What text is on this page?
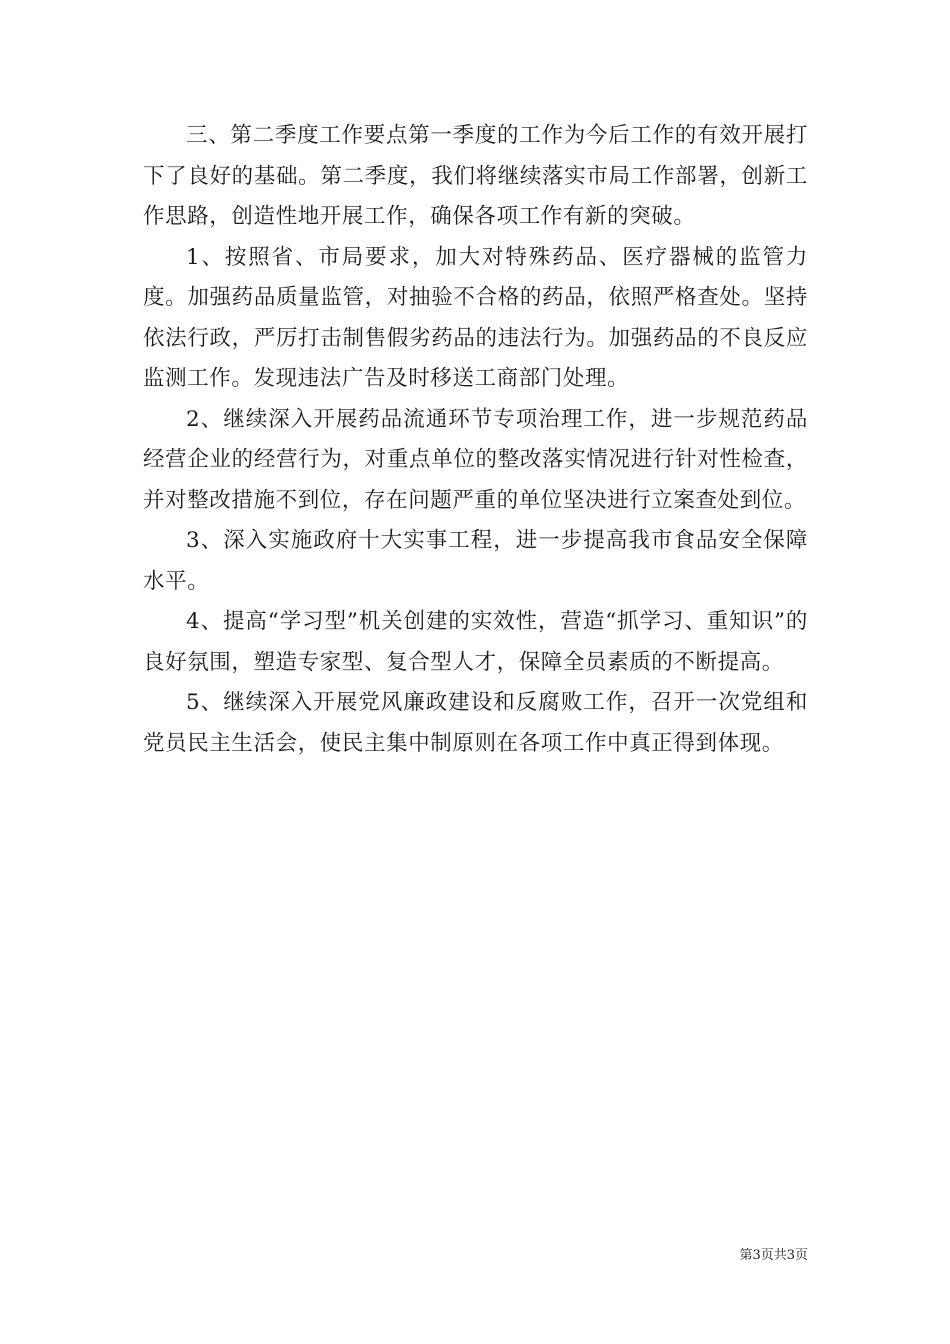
三、第二季度工作要点第一季度的工作为今后工作的有效开展打下了良好的基础。第二季度，我们将继续落实市局工作部署，创新工作思路，创造性地开展工作，确保各项工作有新的突破。

1、按照省、市局要求，加大对特殊药品、医疗器械的监管力度。加强药品质量监管，对抽验不合格的药品，依照严格查处。坚持依法行政，严厉打击制售假劣药品的违法行为。加强药品的不良反应监测工作。发现违法广告及时移送工商部门处理。

2、继续深入开展药品流通环节专项治理工作，进一步规范药品经营企业的经营行为，对重点单位的整改落实情况进行针对性检查，并对整改措施不到位，存在问题严重的单位坚决进行立案查处到位。

3、深入实施政府十大实事工程，进一步提高我市食品安全保障水平。

4、提高“学习型”机关创建的实效性，营造“抓学习、重知识”的良好氛围，塑造专家型、复合型人才，保障全员素质的不断提高。

5、继续深入开展党风廉政建设和反腐败工作，召开一次党组和党员民主生活会，使民主集中制原则在各项工作中真正得到体现。

第3页共3页
